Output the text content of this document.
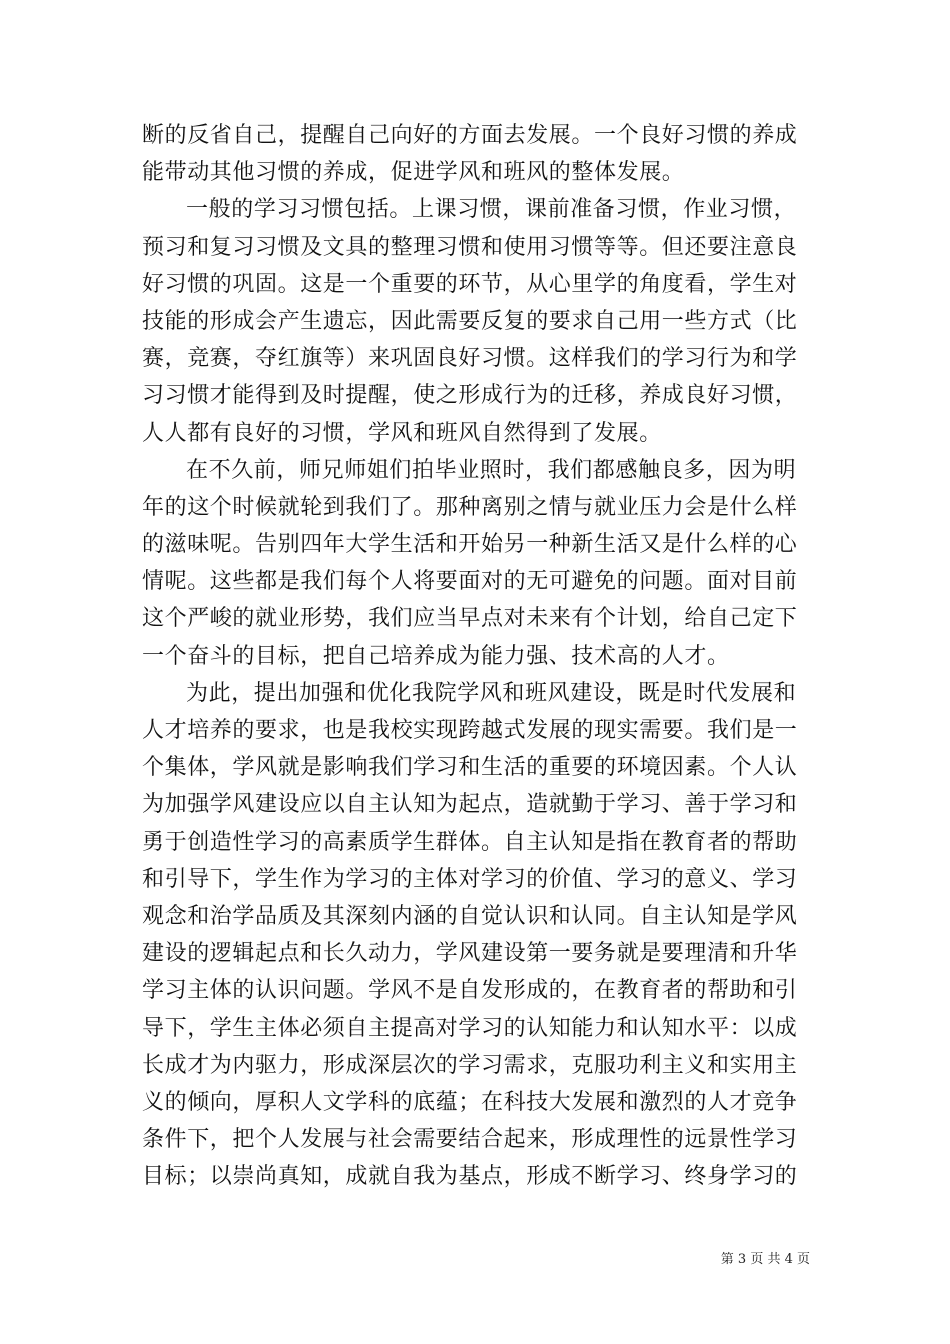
断的反省自己，提醒自己向好的方面去发展。一个良好习惯的养成
能带动其他习惯的养成，促进学风和班风的整体发展。
一般的学习习惯包括。上课习惯，课前准备习惯，作业习惯，
预习和复习习惯及文具的整理习惯和使用习惯等等。但还要注意良
好习惯的巩固。这是一个重要的环节，从心里学的角度看，学生对
技能的形成会产生遗忘，因此需要反复的要求自己用一些方式（比
赛，竞赛，夺红旗等）来巩固良好习惯。这样我们的学习行为和学
习习惯才能得到及时提醒，使之形成行为的迁移，养成良好习惯，
人人都有良好的习惯，学风和班风自然得到了发展。
在不久前，师兄师姐们拍毕业照时，我们都感触良多，因为明
年的这个时候就轮到我们了。那种离别之情与就业压力会是什么样
的滋味呢。告别四年大学生活和开始另一种新生活又是什么样的心
情呢。这些都是我们每个人将要面对的无可避免的问题。面对目前
这个严峻的就业形势，我们应当早点对未来有个计划，给自己定下
一个奋斗的目标，把自己培养成为能力强、技术高的人才。
为此，提出加强和优化我院学风和班风建设，既是时代发展和
人才培养的要求，也是我校实现跨越式发展的现实需要。我们是一
个集体，学风就是影响我们学习和生活的重要的环境因素。个人认
为加强学风建设应以自主认知为起点，造就勤于学习、善于学习和
勇于创造性学习的高素质学生群体。自主认知是指在教育者的帮助
和引导下，学生作为学习的主体对学习的价值、学习的意义、学习
观念和治学品质及其深刻内涵的自觉认识和认同。自主认知是学风
建设的逻辑起点和长久动力，学风建设第一要务就是要理清和升华
学习主体的认识问题。学风不是自发形成的，在教育者的帮助和引
导下，学生主体必须自主提高对学习的认知能力和认知水平：以成
长成才为内驱力，形成深层次的学习需求，克服功利主义和实用主
义的倾向，厚积人文学科的底蕴；在科技大发展和激烈的人才竞争
条件下，把个人发展与社会需要结合起来，形成理性的远景性学习
目标；以崇尚真知，成就自我为基点，形成不断学习、终身学习的
第 3 页 共 4 页
